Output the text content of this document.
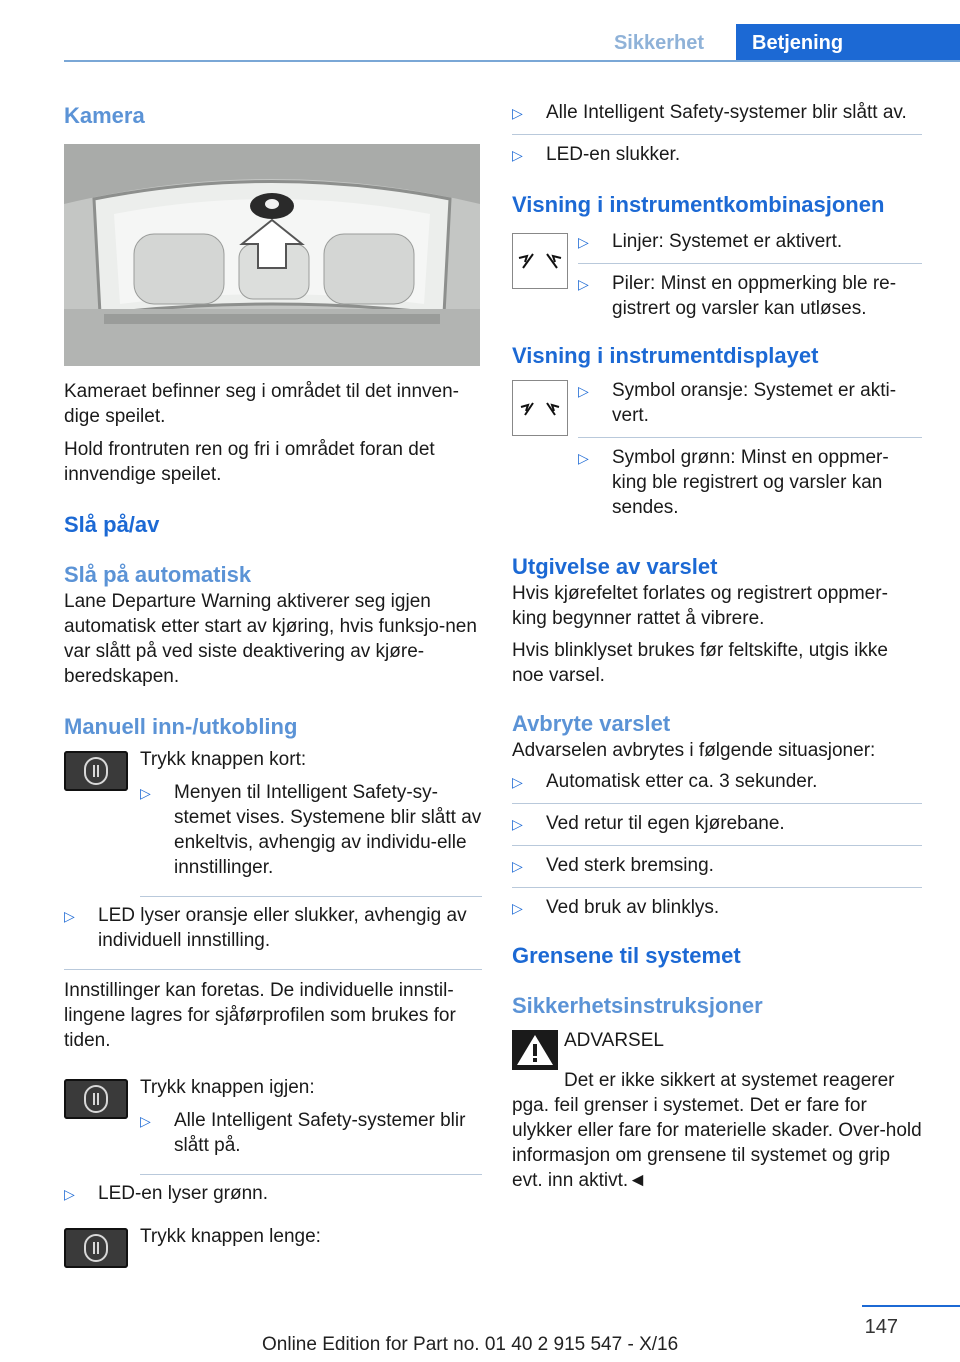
Sikkerhet	Betjening
Kamera

Kameraet befinner seg i området til det innven-dige speilet.

Hold frontruten ren og fri i området foran det innvendige speilet.

Slå på/av
Slå på automatisk

Lane Departure Warning aktiverer seg igjen automatisk etter start av kjøring, hvis funksjo-nen var slått på ved siste deaktivering av kjøre-beredskapen.

Manuell inn-/utkobling

Trykk knappen kort:

▷ Menyen til Intelligent Safety-sy-stemet vises. Systemene blir slått av enkeltvis, avhengig av individu-elle innstillinger.
▷ LED lyser oransje eller slukker, avhengig av individuell innstilling.

Innstillinger kan foretas. De individuelle innstil-lingene lagres for sjåførprofilen som brukes for tiden.

Trykk knappen igjen:

▷ Alle Intelligent Safety-systemer blir slått på.
▷ LED-en lyser grønn.

Trykk knappen lenge:

▷ Alle Intelligent Safety-systemer blir slått av.
▷ LED-en slukker.
Visning i instrumentkombinasjonen
▷ Linjer: Systemet er aktivert.
▷ Piler: Minst en oppmerking ble re-gistrert og varsler kan utløses.
Visning i instrumentdisplayet
▷ Symbol oransje: Systemet er akti-vert.
▷ Symbol grønn: Minst en oppmer-king ble registrert og varsler kan sendes.
Utgivelse av varslet

Hvis kjørefeltet forlates og registrert oppmer-king begynner rattet å vibrere.

Hvis blinklyset brukes før feltskifte, utgis ikke noe varsel.

Avbryte varslet

Advarselen avbrytes i følgende situasjoner:

▷ Automatisk etter ca. 3 sekunder.
▷ Ved retur til egen kjørebane.
▷ Ved sterk bremsing.
▷ Ved bruk av blinklys.
Grensene til systemet
Sikkerhetsinstruksjoner

ADVARSEL

Det er ikke sikkert at systemet reagerer pga. feil grenser i systemet. Det er fare for ulykker eller fare for materielle skader. Over-hold informasjon om grensene til systemet og grip evt. inn aktivt.◄

147
Online Edition for Part no. 01 40 2 915 547 - X/16
